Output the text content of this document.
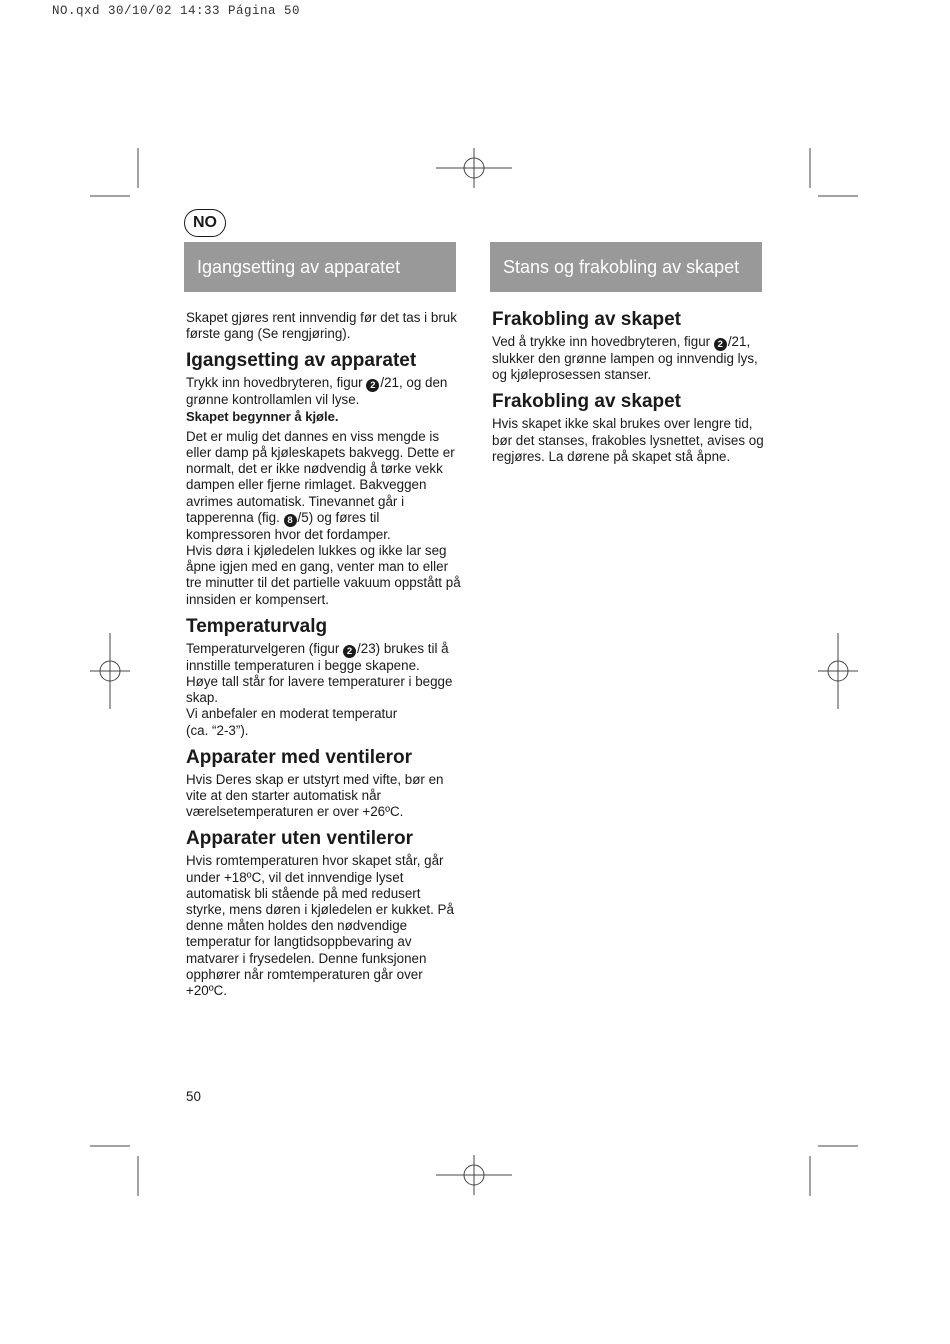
NO.qxd 30/10/02 14:33 Página 50
NO
Igangsetting av apparatet	Stans og frakobling av skapet

Skapet gjøres rent innvendig før det tas i bruk første gang (Se rengjøring).

Igangsetting av apparatet

Trykk inn hovedbryteren, figur 2 /21, og den grønne kontrollamlen vil lyse.

Skapet begynner å kjøle.

Det er mulig det dannes en viss mengde is eller damp på kjøleskapets bakvegg. Dette er normalt, det er ikke nødvendig å tørke vekk dampen eller fjerne rimlaget. Bakveggen avrimes automatisk. Tinevannet går i tapperenna (fig. 8 /5) og føres til kompressoren hvor det fordamper.

Hvis døra i kjøledelen lukkes og ikke lar seg åpne igjen med en gang, venter man to eller tre minutter til det partielle vakuum oppstått på innsiden er kompensert.

Temperaturvalg

Temperaturvelgeren (figur 2 /23) brukes til å innstille temperaturen i begge skapene.

Høye tall står for lavere temperaturer i begge skap.

Vi anbefaler en moderat temperatur

(ca. “2-3”).

Apparater med ventileror

Hvis Deres skap er utstyrt med vifte, bør en vite at den starter automatisk når værelsetemperaturen er over +26ºC.

Apparater uten ventileror

Hvis romtemperaturen hvor skapet står, går under +18ºC, vil det innvendige lyset automatisk bli stående på med redusert styrke, mens døren i kjøledelen er kukket. På denne måten holdes den nødvendige temperatur for langtidsoppbevaring av matvarer i frysedelen. Denne funksjonen opphører når romtemperaturen går over +20ºC.

Frakobling av skapet

Ved å trykke inn hovedbryteren, figur 2 /21, slukker den grønne lampen og innvendig lys, og kjøleprosessen stanser.

Frakobling av skapet

Hvis skapet ikke skal brukes over lengre tid, bør det stanses, frakobles lysnettet, avises og regjøres. La dørene på skapet stå åpne.

50
